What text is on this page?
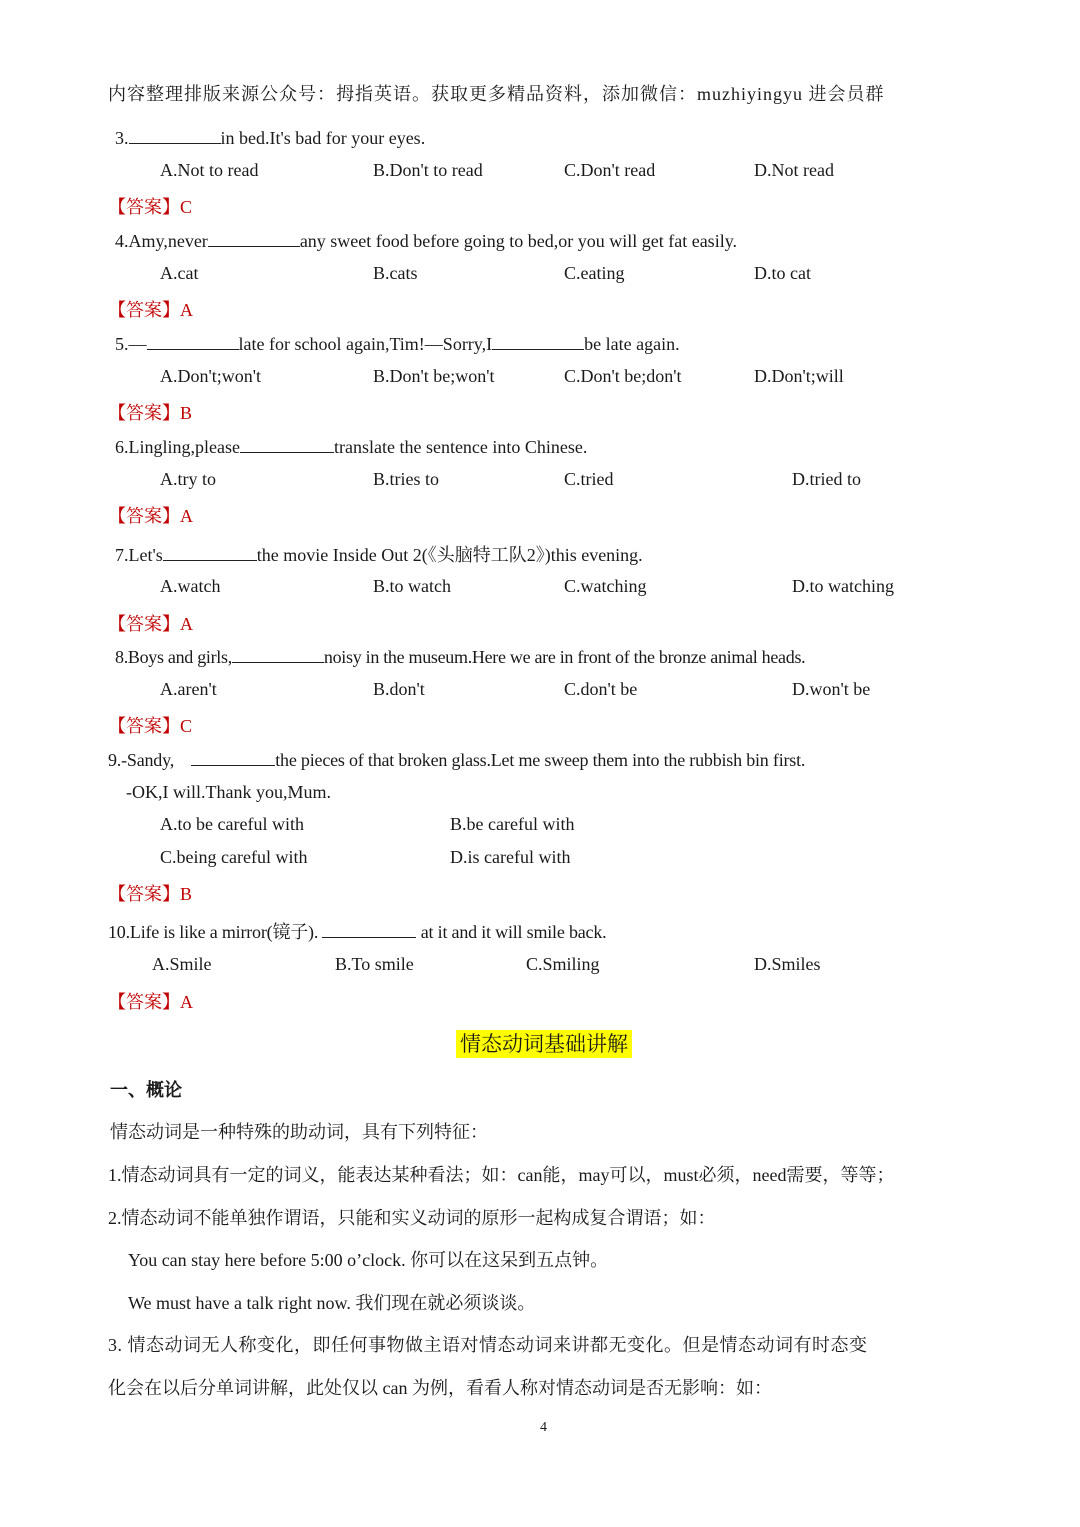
内容整理排版来源公众号：拇指英语。获取更多精品资料，添加微信：muzhiyingyu 进会员群
3.	in bed.It's bad for your eyes.
A.Not to read	B.Don't to read	C.Don't read	D.Not read
【答案】C
4.Amy,never	any sweet food before going to bed,or you will get fat easily.
A.cat	B.cats	C.eating	D.to cat
【答案】A
5.—	late for school again,Tim!—Sorry,I	be late again.
A.Don't;won't	B.Don't be;won't	C.Don't be;don't	D.Don't;will
【答案】B
6.Lingling,please	translate the sentence into Chinese.
A.try to	B.tries to	C.tried	D.tried to
【答案】A
7.Let's	the movie Inside Out 2(《头脑特工队2》)this evening.
A.watch	B.to watch	C.watching	D.to watching
【答案】A
8.Boys and girls,	noisy in the museum.Here we are in front of the bronze animal heads.
A.aren't	B.don't	C.don't be	D.won't be
【答案】C
9.-Sandy,	the pieces of that broken glass.Let me sweep them into the rubbish bin first.
-OK,I will.Thank you,Mum.
A.to be careful with	B.be careful with
C.being careful with	D.is careful with
【答案】B
10.Life is like a mirror(镜子).	at it and it will smile back.
A.Smile	B.To smile	C.Smiling	D.Smiles
【答案】A
情态动词基础讲解
一、概论
情态动词是一种特殊的助动词，具有下列特征：
1.情态动词具有一定的词义，能表达某种看法；如：can能，may可以，must必须，need需要，等等；
2.情态动词不能单独作谓语，只能和实义动词的原形一起构成复合谓语；如：
You can stay here before 5:00 o’clock. 你可以在这呆到五点钟。
We must have a talk right now. 我们现在就必须谈谈。
3. 情态动词无人称变化，即任何事物做主语对情态动词来讲都无变化。但是情态动词有时态变
化会在以后分单词讲解，此处仅以 can 为例，看看人称对情态动词是否无影响：如：
4
